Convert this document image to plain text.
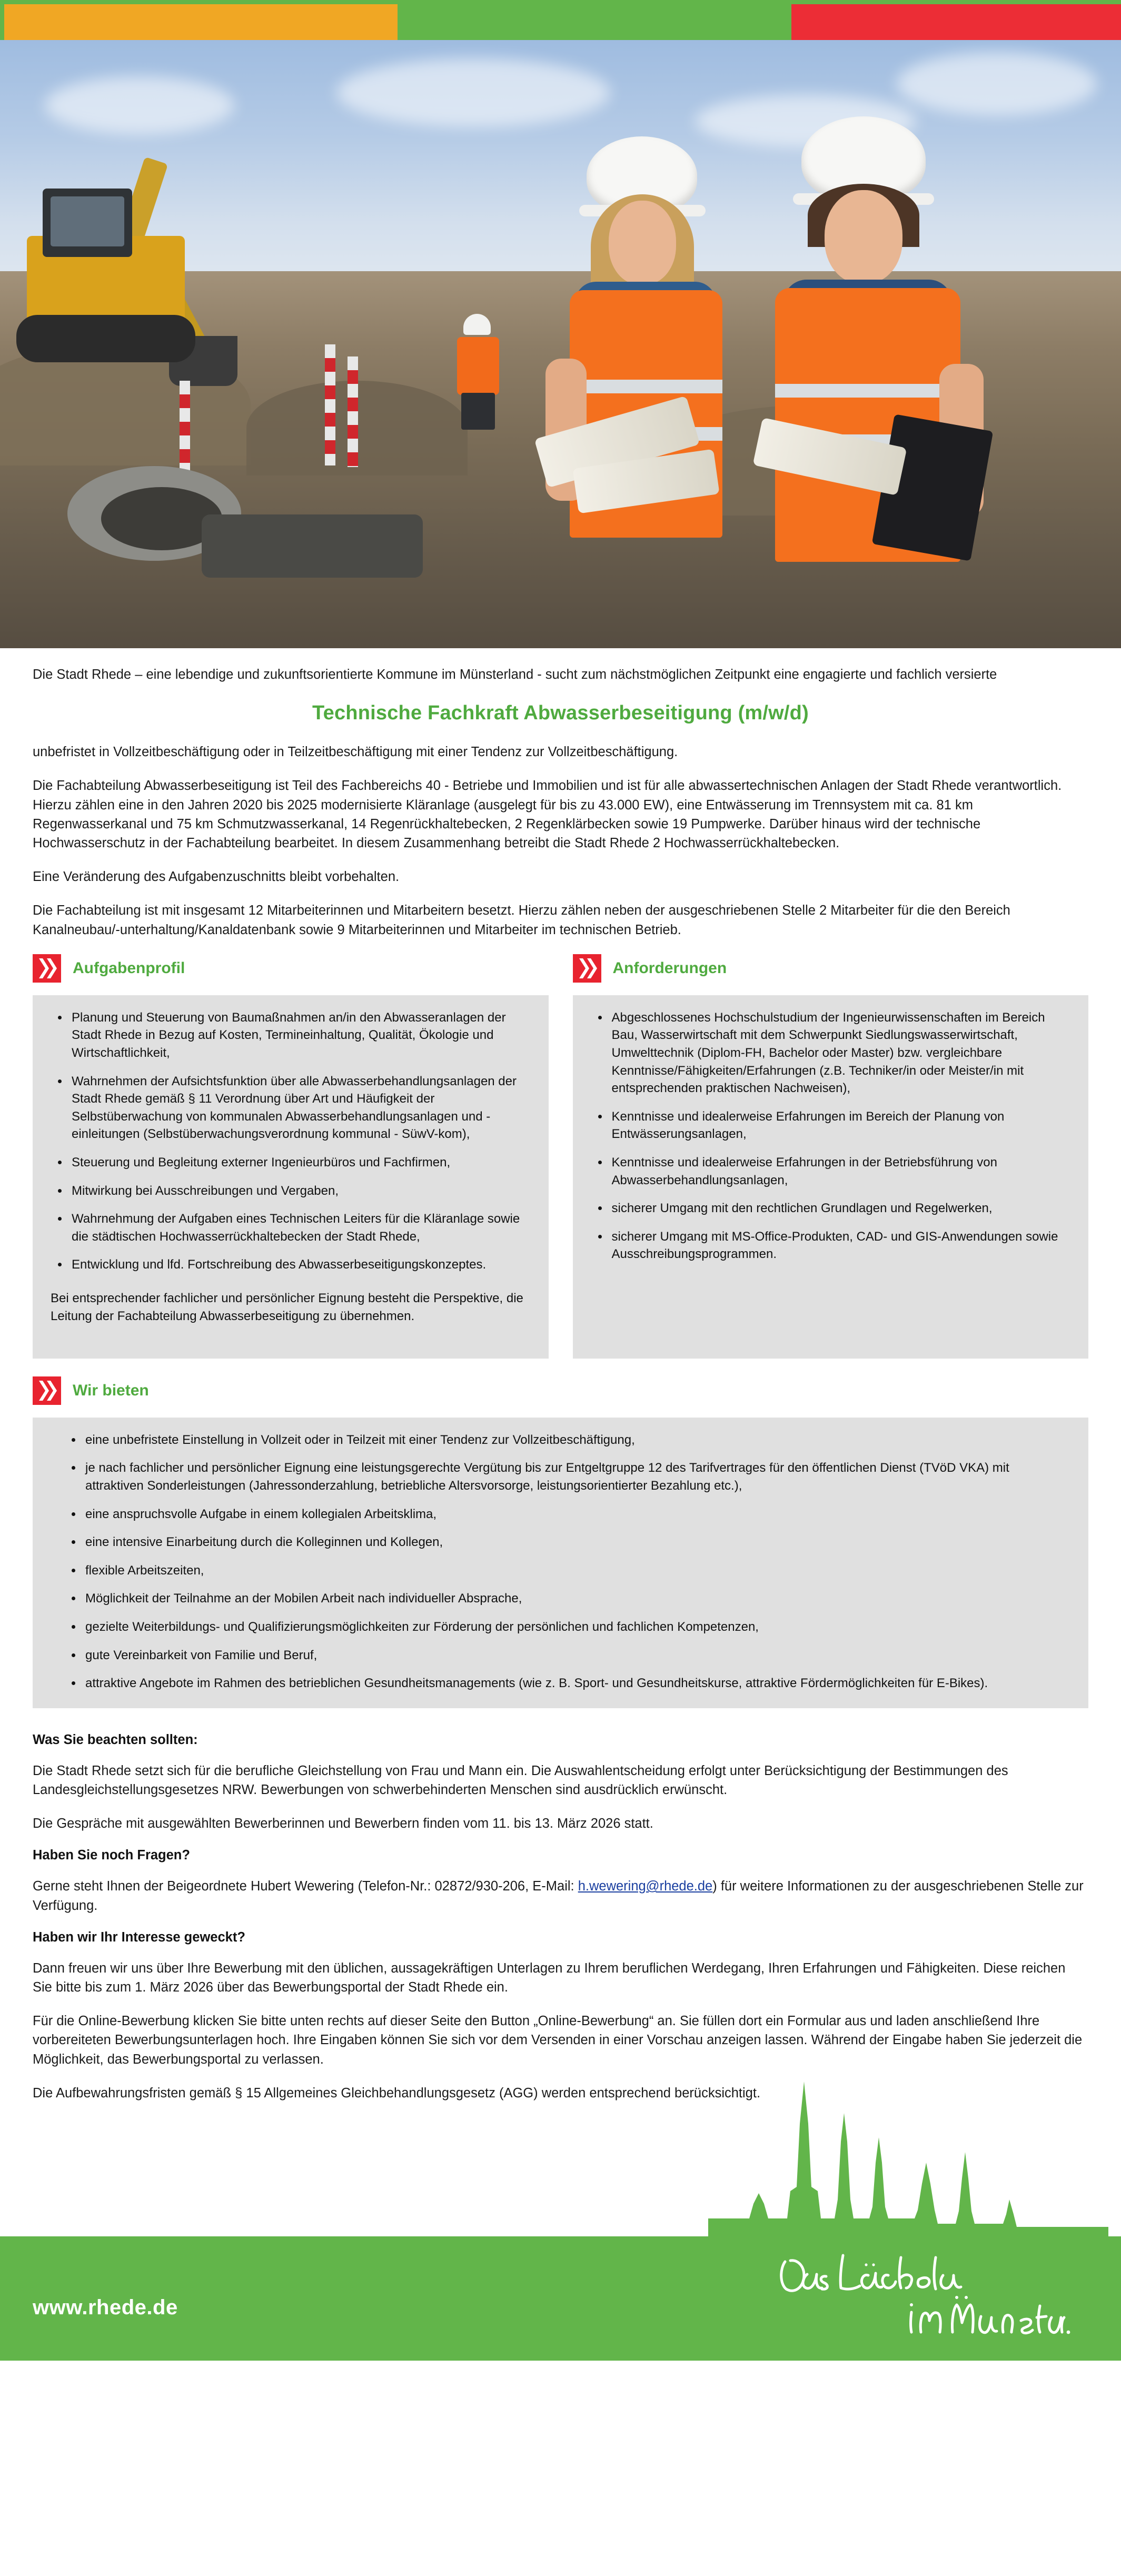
Die Stadt Rhede – eine lebendige und zukunftsorientierte Kommune im Münsterland - sucht zum nächstmöglichen Zeitpunkt eine engagierte und fachlich versierte

Technische Fachkraft Abwasserbeseitigung (m/w/d)

unbefristet in Vollzeitbeschäftigung oder in Teilzeitbeschäftigung mit einer Tendenz zur Vollzeitbeschäftigung.

Die Fachabteilung Abwasserbeseitigung ist Teil des Fachbereichs 40 - Betriebe und Immobilien und ist für alle abwassertechnischen Anlagen der Stadt Rhede verantwortlich. Hierzu zählen eine in den Jahren 2020 bis 2025 modernisierte Kläranlage (ausgelegt für bis zu 43.000 EW), eine Entwässerung im Trennsystem mit ca. 81 km Regenwasserkanal und 75 km Schmutzwasserkanal, 14 Regenrückhaltebecken, 2 Regenklärbecken sowie 19 Pumpwerke. Darüber hinaus wird der technische Hochwasserschutz in der Fachabteilung bearbeitet. In diesem Zusammenhang betreibt die Stadt Rhede 2 Hochwasserrückhaltebecken.

Eine Veränderung des Aufgabenzuschnitts bleibt vorbehalten.

Die Fachabteilung ist mit insgesamt 12 Mitarbeiterinnen und Mitarbeitern besetzt. Hierzu zählen neben der ausgeschriebenen Stelle 2 Mitarbeiter für die den Bereich Kanalneubau/-unterhaltung/Kanaldatenbank sowie 9 Mitarbeiterinnen und Mitarbeiter im technischen Betrieb.

Aufgabenprofil
Planung und Steuerung von Baumaßnahmen an/in den Abwasseranlagen der Stadt Rhede in Bezug auf Kosten, Termineinhaltung, Qualität, Ökologie und Wirtschaftlichkeit,
Wahrnehmen der Aufsichtsfunktion über alle Abwasserbehandlungsanlagen der Stadt Rhede gemäß § 11 Verordnung über Art und Häufigkeit der Selbstüberwachung von kommunalen Abwasserbehandlungsanlagen und -einleitungen (Selbstüberwachungsverordnung kommunal - SüwV-kom),
Steuerung und Begleitung externer Ingenieurbüros und Fachfirmen,
Mitwirkung bei Ausschreibungen und Vergaben,
Wahrnehmung der Aufgaben eines Technischen Leiters für die Kläranlage sowie die städtischen Hochwasserrückhaltebecken der Stadt Rhede,
Entwicklung und lfd. Fortschreibung des Abwasserbeseitigungskonzeptes.

Bei entsprechender fachlicher und persönlicher Eignung besteht die Perspektive, die Leitung der Fachabteilung Abwasserbeseitigung zu übernehmen.

Anforderungen
Abgeschlossenes Hochschulstudium der Ingenieurwissenschaften im Bereich Bau, Wasserwirtschaft mit dem Schwerpunkt Siedlungswasserwirtschaft, Umwelttechnik (Diplom-FH, Bachelor oder Master) bzw. vergleichbare Kenntnisse/Fähigkeiten/Erfahrungen (z.B. Techniker/in oder Meister/in mit entsprechenden praktischen Nachweisen),
Kenntnisse und idealerweise Erfahrungen im Bereich der Planung von Entwässerungsanlagen,
Kenntnisse und idealerweise Erfahrungen in der Betriebsführung von Abwasserbehandlungsanlagen,
sicherer Umgang mit den rechtlichen Grundlagen und Regelwerken,
sicherer Umgang mit MS-Office-Produkten, CAD- und GIS-Anwendungen sowie Ausschreibungsprogrammen.
Wir bieten
eine unbefristete Einstellung in Vollzeit oder in Teilzeit mit einer Tendenz zur Vollzeitbeschäftigung,
je nach fachlicher und persönlicher Eignung eine leistungsgerechte Vergütung bis zur Entgeltgruppe 12 des Tarifvertrages für den öffentlichen Dienst (TVöD VKA) mit attraktiven Sonderleistungen (Jahressonderzahlung, betriebliche Altersvorsorge, leistungsorientierter Bezahlung etc.),
eine anspruchsvolle Aufgabe in einem kollegialen Arbeitsklima,
eine intensive Einarbeitung durch die Kolleginnen und Kollegen,
flexible Arbeitszeiten,
Möglichkeit der Teilnahme an der Mobilen Arbeit nach individueller Absprache,
gezielte Weiterbildungs- und Qualifizierungsmöglichkeiten zur Förderung der persönlichen und fachlichen Kompetenzen,
gute Vereinbarkeit von Familie und Beruf,
attraktive Angebote im Rahmen des betrieblichen Gesundheitsmanagements (wie z. B. Sport- und Gesundheitskurse, attraktive Fördermöglichkeiten für E-Bikes).
Was Sie beachten sollten:

Die Stadt Rhede setzt sich für die berufliche Gleichstellung von Frau und Mann ein. Die Auswahlentscheidung erfolgt unter Berücksichtigung der Bestimmungen des Landesgleichstellungsgesetzes NRW. Bewerbungen von schwerbehinderten Menschen sind ausdrücklich erwünscht.

Die Gespräche mit ausgewählten Bewerberinnen und Bewerbern finden vom 11. bis 13. März 2026 statt.

Haben Sie noch Fragen?

Gerne steht Ihnen der Beigeordnete Hubert Wewering (Telefon-Nr.: 02872/930-206, E-Mail: h.wewering@rhede.de) für weitere Informationen zu der ausgeschriebenen Stelle zur Verfügung.

Haben wir Ihr Interesse geweckt?

Dann freuen wir uns über Ihre Bewerbung mit den üblichen, aussagekräftigen Unterlagen zu Ihrem beruflichen Werdegang, Ihren Erfahrungen und Fähigkeiten. Diese reichen Sie bitte bis zum 1. März 2026 über das Bewerbungsportal der Stadt Rhede ein.

Für die Online-Bewerbung klicken Sie bitte unten rechts auf dieser Seite den Button „Online-Bewerbung“ an. Sie füllen dort ein Formular aus und laden anschließend Ihre vorbereiteten Bewerbungsunterlagen hoch. Ihre Eingaben können Sie sich vor dem Versenden in einer Vorschau anzeigen lassen. Während der Eingabe haben Sie jederzeit die Möglichkeit, das Bewerbungsportal zu verlassen.

Die Aufbewahrungsfristen gemäß § 15 Allgemeines Gleichbehandlungsgesetz (AGG) werden entsprechend berücksichtigt.

www.rhede.de
